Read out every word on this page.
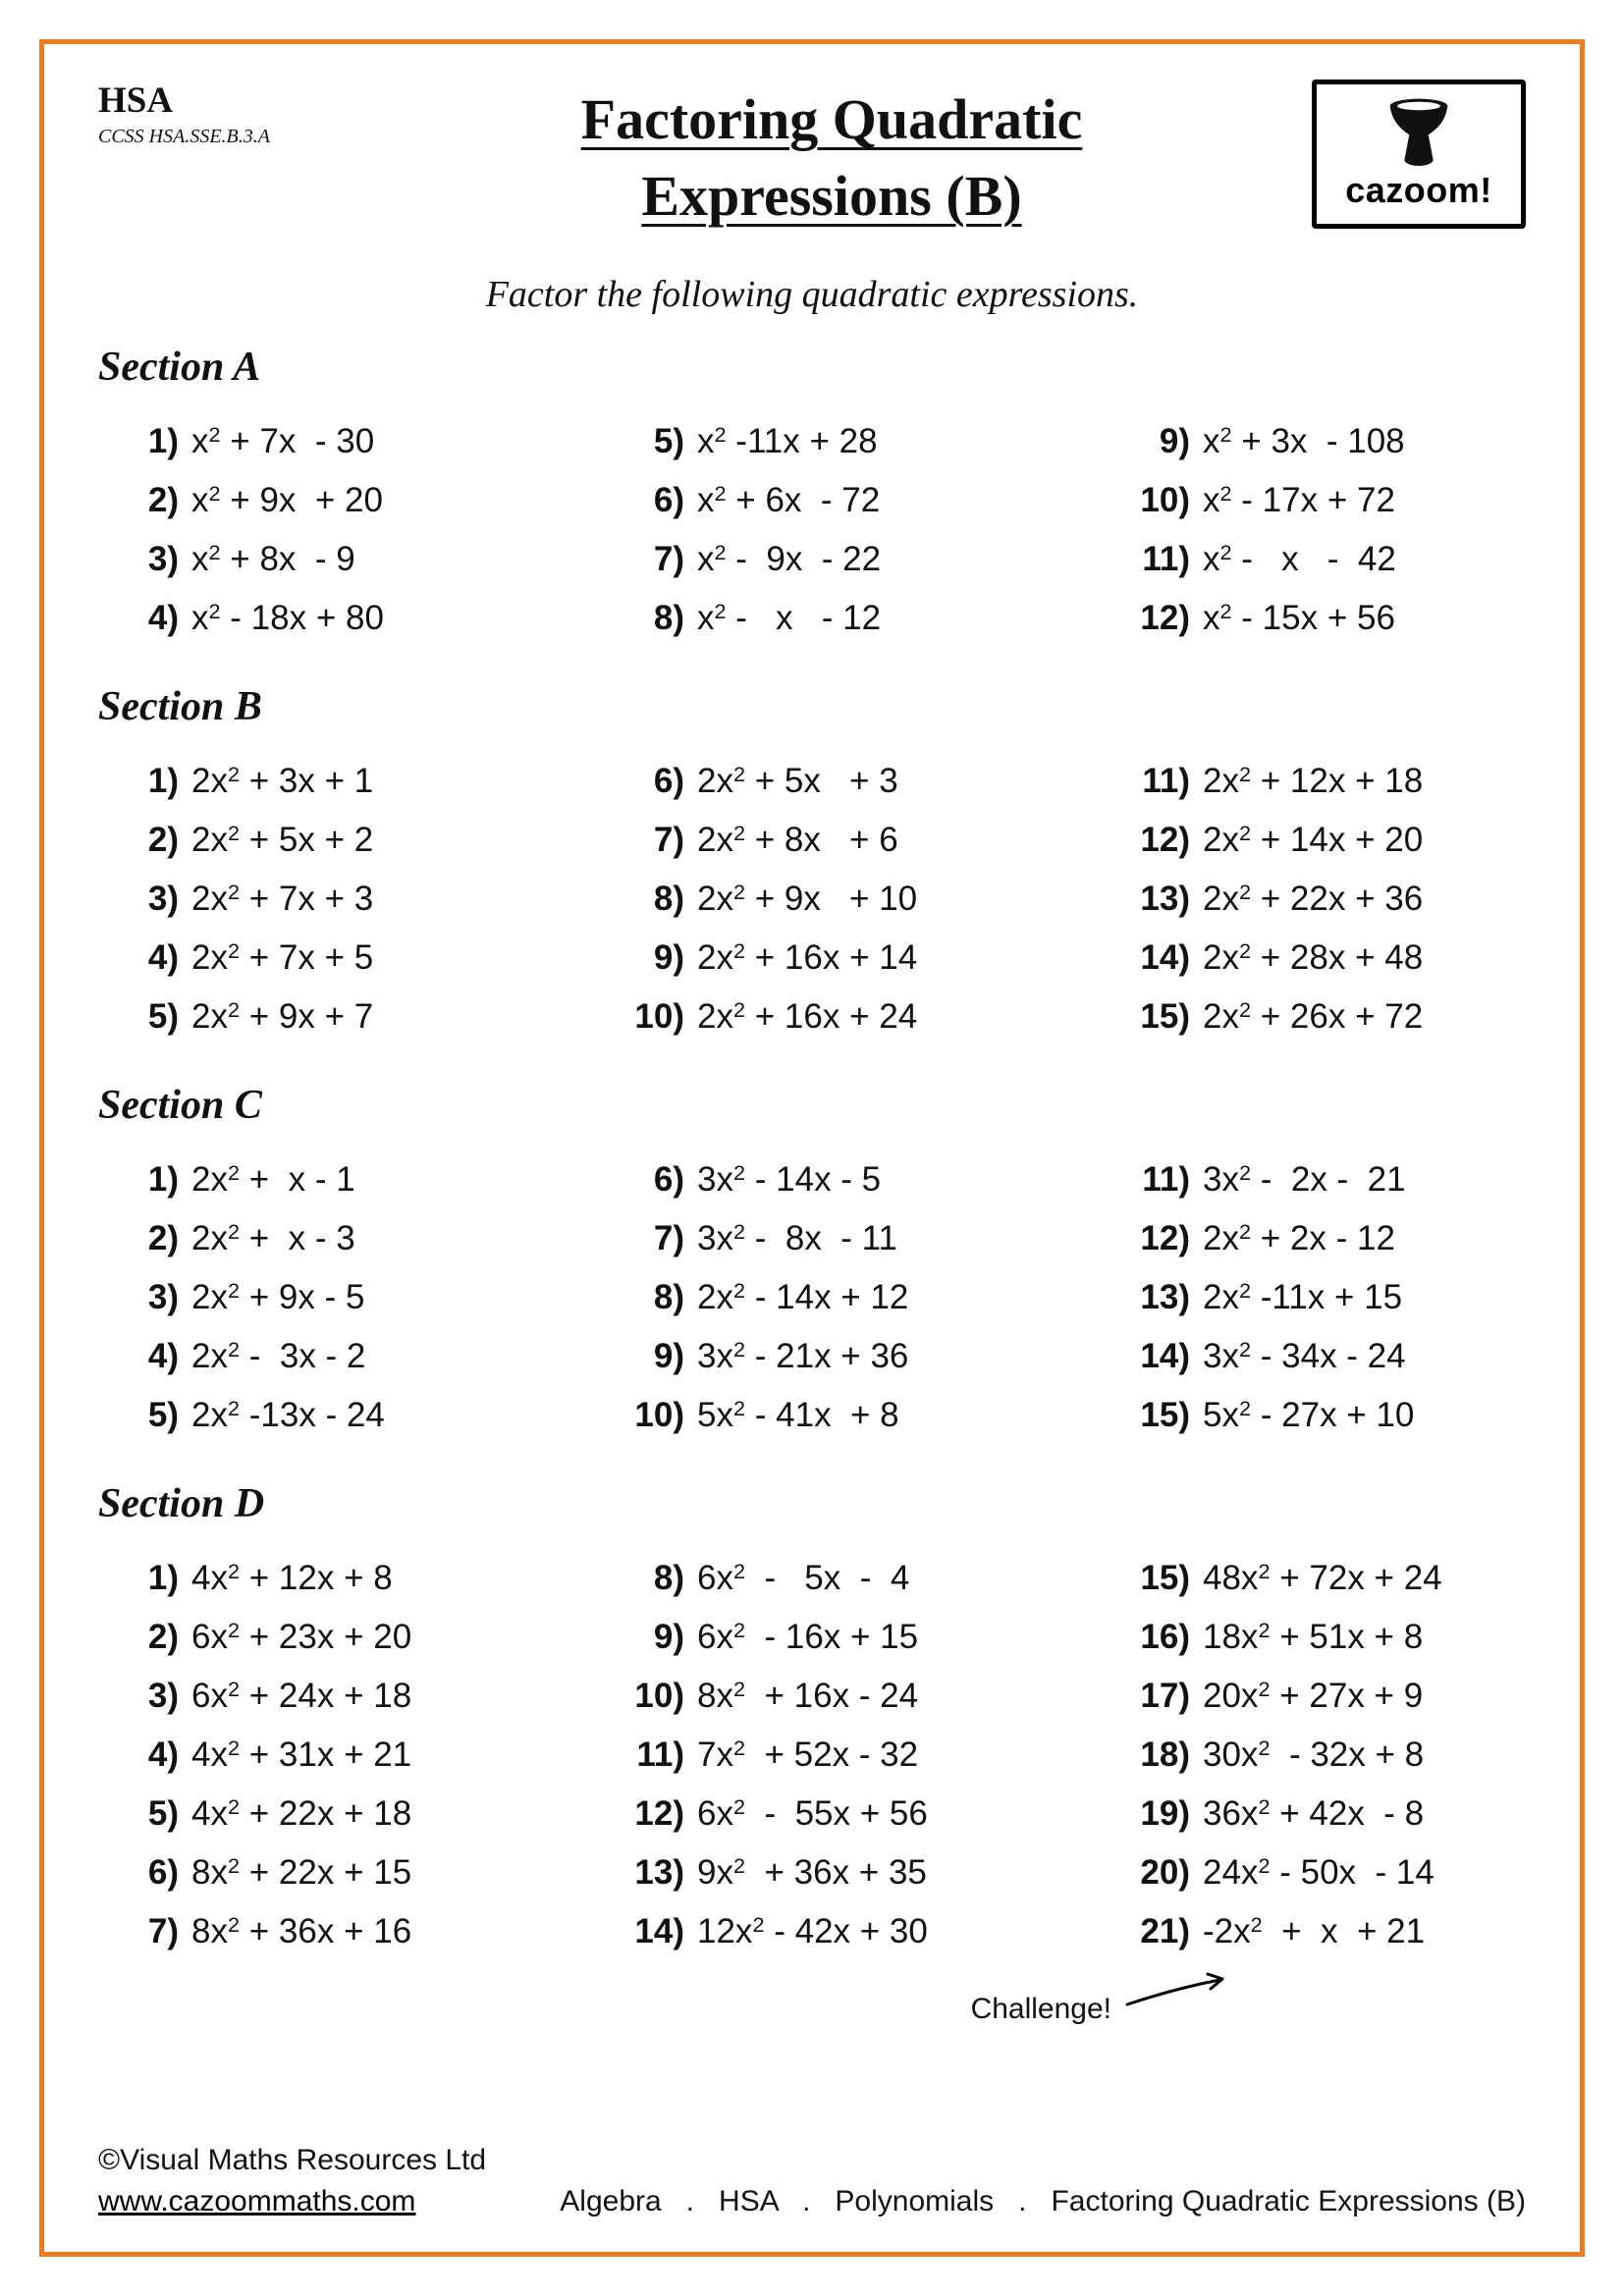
HSA
CCSS HSA.SSE.B.3.A	Factoring Quadratic
Expressions (B)	cazoom!

Factor the following quadratic expressions.

Section A
1) $x^2 + 7x - 30$
2) $x^2 + 9x + 20$
3) $x^2 + 8x - 9$
4) $x^2 - 18x + 80$
5) $x^2$ -11x + 28
6) $x^2 + 6x - 72$
7) $x^2 - 9x - 22$
8) $x^2$ -   x   - 12
9) $x^2 + 3x - 108$
10) $x^2 - 17x + 72$
11) $x^2$ -   x   -  42
12) $x^2 - 15x + 56$
Section B
1) $2x^2 + 3x + 1$
2) $2x^2 + 5x + 2$
3) $2x^2 + 7x + 3$
4) $2x^2 + 7x + 5$
5) $2x^2 + 9x + 7$
6) $2x^2 + 5x + 3$
7) $2x^2 + 8x + 6$
8) $2x^2 + 9x + 10$
9) $2x^2 + 16x + 14$
10) $2x^2 + 16x + 24$
11) $2x^2 + 12x + 18$
12) $2x^2 + 14x + 20$
13) $2x^2 + 22x + 36$
14) $2x^2 + 28x + 48$
15) $2x^2 + 26x + 72$
Section C
1) $2x^2 + x - 1$
2) $2x^2 + x - 3$
3) $2x^2 + 9x - 5$
4) $2x^2 - 3x - 2$
5) $2x^2$ -13x - 24
6) $3x^2 - 14x - 5$
7) $3x^2 - 8x - 11$
8) $2x^2 - 14x + 12$
9) $3x^2 - 21x + 36$
10) $5x^2 - 41x + 8$
11) $3x^2 - 2x - 21$
12) $2x^2 + 2x - 12$
13) $2x^2$ -11x + 15
14) $3x^2 - 34x - 24$
15) $5x^2 - 27x + 10$
Section D
1) $4x^2 + 12x + 8$
2) $6x^2 + 23x + 20$
3) $6x^2 + 24x + 18$
4) $4x^2 + 31x + 21$
5) $4x^2 + 22x + 18$
6) $8x^2 + 22x + 15$
7) $8x^2 + 36x + 16$
8) $6x^2 - 5x - 4$
9) $6x^2 - 16x + 15$
10) $8x^2 + 16x - 24$
11) $7x^2 + 52x - 32$
12) $6x^2 - 55x + 56$
13) $9x^2 + 36x + 35$
14) $12x^2 - 42x + 30$
15) $48x^2 + 72x + 24$
16) $18x^2 + 51x + 8$
17) $20x^2 + 27x + 9$
18) $30x^2 - 32x + 8$
19) $36x^2 + 42x - 8$
20) $24x^2 - 50x - 14$
21) $-2x^2 + x + 21$
Challenge!
©Visual Maths Resources Ltd
www.cazoommaths.com	Algebra   .   HSA   .   Polynomials   .   Factoring Quadratic Expressions (B)
